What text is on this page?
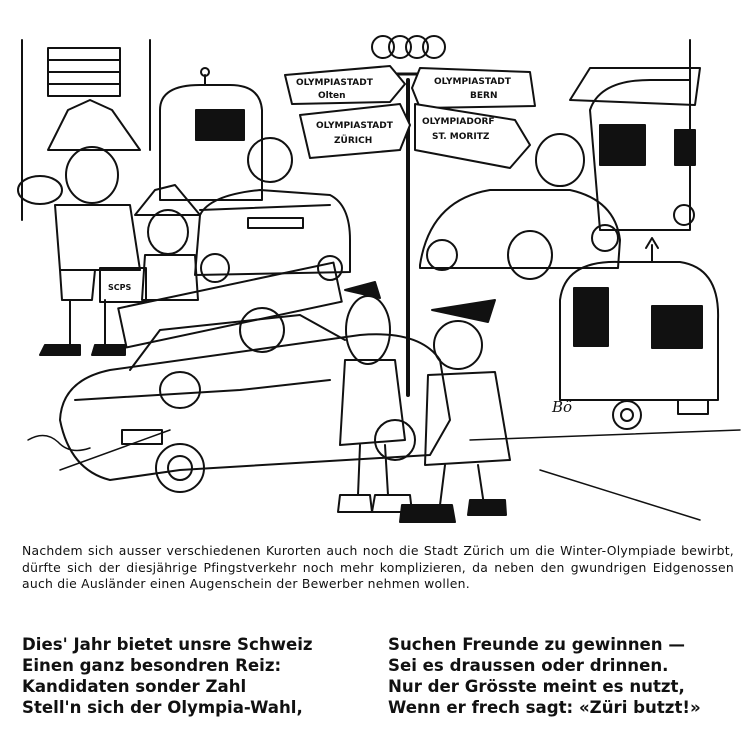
OLYMPIASTADT
Olten
OLYMPIASTADT
BERN
OLYMPIASTADT
ZÜRICH
OLYMPIADORF
ST. MORITZ
SCPS
Bö
Nachdem sich ausser verschiedenen Kurorten auch noch die Stadt Zürich um die Winter-Olympiade bewirbt, dürfte sich der diesjährige Pfingstverkehr noch mehr komplizieren, da neben den gwundrigen Eidgenossen auch die Ausländer einen Augenschein der Bewerber nehmen wollen.
Dies' Jahr bietet unsre Schweiz
Einen ganz besondren Reiz:
Kandidaten sonder Zahl
Stell'n sich der Olympia-Wahl,
Suchen Freunde zu gewinnen —
Sei es draussen oder drinnen.
Nur der Grösste meint es nutzt,
Wenn er frech sagt: «Züri butzt!»
